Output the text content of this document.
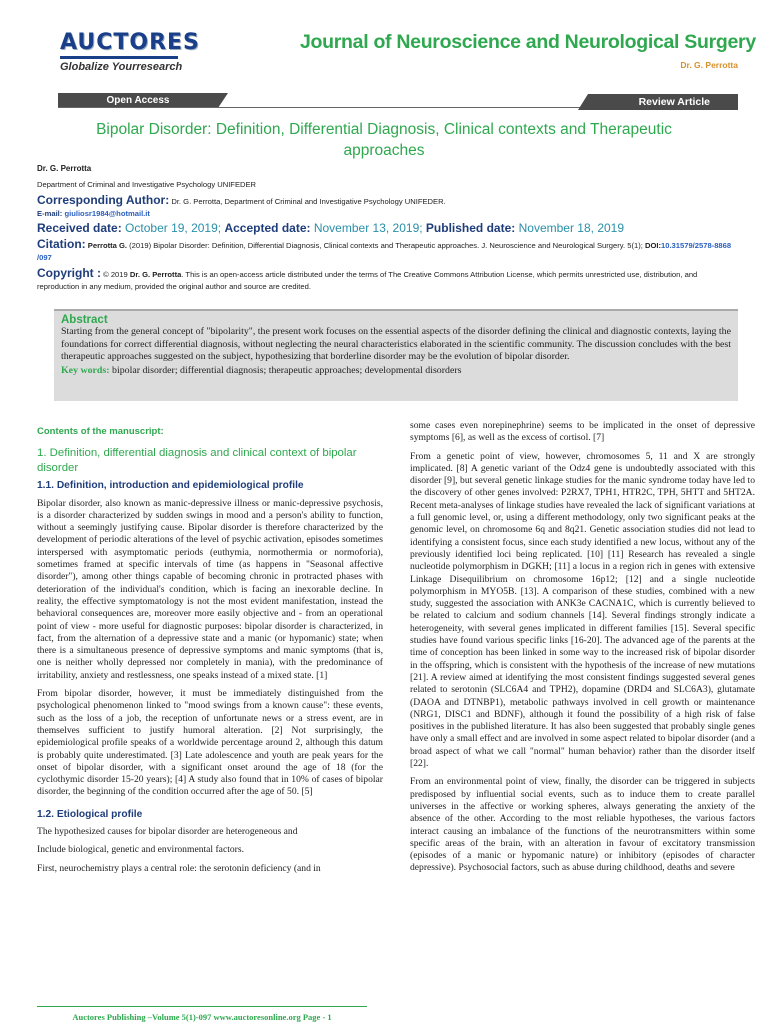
AUCTORES
Globalize Yourresearch
Journal of Neuroscience and Neurological Surgery
Dr. G. Perrotta
Open Access	Review Article
Bipolar Disorder: Definition, Differential Diagnosis, Clinical contexts and Therapeutic approaches
Dr. G. Perrotta
Department of Criminal and Investigative Psychology UNIFEDER
Corresponding Author: Dr. G. Perrotta, Department of Criminal and Investigative Psychology UNIFEDER.
E-mail: giuliosr1984@hotmail.it
Received date: October 19, 2019; Accepted date: November 13, 2019; Published date: November 18, 2019
Citation: Perrotta G. (2019) Bipolar Disorder: Definition, Differential Diagnosis, Clinical contexts and Therapeutic approaches. J. Neuroscience and Neurological Surgery. 5(1); DOI:10.31579/2578-8868 /097
Copyright : © 2019 Dr. G. Perrotta. This is an open-access article distributed under the terms of The Creative Commons Attribution License, which permits unrestricted use, distribution, and reproduction in any medium, provided the original author and source are credited.
Abstract
Starting from the general concept of "bipolarity", the present work focuses on the essential aspects of the disorder defining the clinical and diagnostic contexts, laying the foundations for correct differential diagnosis, without neglecting the neural characteristics elaborated in the scientific community. The discussion concludes with the best therapeutic approaches suggested on the subject, hypothesizing that borderline disorder may be the evolution of bipolar disorder.
Key words: bipolar disorder; differential diagnosis; therapeutic approaches; developmental disorders
Contents of the manuscript:
1. Definition, differential diagnosis and clinical context of bipolar disorder
1.1. Definition, introduction and epidemiological profile

Bipolar disorder, also known as manic-depressive illness or manic-depressive psychosis, is a disorder characterized by sudden swings in mood and a person's ability to function, without a seemingly justifying cause. Bipolar disorder is therefore characterized by the development of periodic alterations of the level of psychic activation, episodes sometimes interspersed with asymptomatic periods (euthymia, normothermia or normoforia), sometimes framed at specific intervals of time (as happens in "Seasonal affective disorder"), among other things capable of becoming chronic in protracted phases with deterioration of the individual's condition, which is facing an inexorable decline. In reality, the effective symptomatology is not the most evident manifestation, instead the behavioral consequences are, moreover more easily objective and - from an operational point of view - more useful for diagnostic purposes: bipolar disorder is characterized, in fact, from the alternation of a depressive state and a manic (or hypomanic) state; when there is a simultaneous presence of depressive symptoms and manic symptoms (that is, one is neither wholly depressed nor completely in mania), with the predominance of irritability, anxiety and restlessness, one speaks instead of a mixed state. [1]

From bipolar disorder, however, it must be immediately distinguished from the psychological phenomenon linked to "mood swings from a known cause": these events, such as the loss of a job, the reception of unfortunate news or a stress event, are in themselves sufficient to justify humoral alteration. [2] Not surprisingly, the epidemiological profile speaks of a worldwide percentage around 2, although this datum is probably quite underestimated. [3] Late adolescence and youth are peak years for the onset of bipolar disorder, with a significant onset around the age of 18 (for the cyclothymic disorder 15-20 years); [4] A study also found that in 10% of cases of bipolar disorder, the beginning of the condition occurred after the age of 50. [5]

1.2. Etiological profile

The hypothesized causes for bipolar disorder are heterogeneous and

Include biological, genetic and environmental factors.

First, neurochemistry plays a central role: the serotonin deficiency (and in

some cases even norepinephrine) seems to be implicated in the onset of depressive symptoms [6], as well as the excess of cortisol. [7]

From a genetic point of view, however, chromosomes 5, 11 and X are strongly implicated. [8] A genetic variant of the Odz4 gene is undoubtedly associated with this disorder [9], but several genetic linkage studies for the manic syndrome today have led to the discovery of other genes involved: P2RX7, TPH1, HTR2C, TPH, 5HTT and 5HT2A. Recent meta-analyses of linkage studies have revealed the lack of significant variations at a full genomic level, or, using a different methodology, only two significant peaks at the genomic level, on chromosome 6q and 8q21. Genetic association studies did not lead to identifying a consistent focus, since each study identified a new locus, without any of the previously identified loci being replicated. [10] [11] Research has revealed a single nucleotide polymorphism in DGKH; [11] a locus in a region rich in genes with extensive Linkage Disequilibrium on chromosome 16p12; [12] and a single nucleotide polymorphism in MYO5B. [13]. A comparison of these studies, combined with a new study, suggested the association with ANK3e CACNA1C, which is currently believed to be related to calcium and sodium channels [14]. Several findings strongly indicate a heterogeneity, with several genes implicated in different families [15]. Several specific studies have found various specific links [16-20]. The advanced age of the parents at the time of conception has been linked in some way to the increased risk of bipolar disorder in the offspring, which is consistent with the hypothesis of the increase of new mutations [21]. A review aimed at identifying the most consistent findings suggested several genes related to serotonin (SLC6A4 and TPH2), dopamine (DRD4 and SLC6A3), glutamate (DAOA and DTNBP1), metabolic pathways involved in cell growth or maintenance (NRG1, DISC1 and BDNF), although it found the possibility of a high risk of false positives in the published literature. It has also been suggested that probably single genes have only a small effect and are involved in some aspect related to bipolar disorder (and a broad aspect of what we call "normal" human behavior) rather than the disorder itself [22].

From an environmental point of view, finally, the disorder can be triggered in subjects predisposed by influential social events, such as to induce them to create parallel universes in the affective or working spheres, always generating the anxiety of the absence of the other. According to the most reliable hypotheses, the various factors interact causing an imbalance of the functions of the neurotransmitters within some specific areas of the brain, with an alteration in favour of excitatory transmission (episodes of a manic or hypomanic nature) or inhibitory (episodes of character depressive). Psychosocial factors, such as abuse during childhood, deaths and severe

Auctores Publishing –Volume 5(1)-097 www.auctoresonline.org Page - 1
